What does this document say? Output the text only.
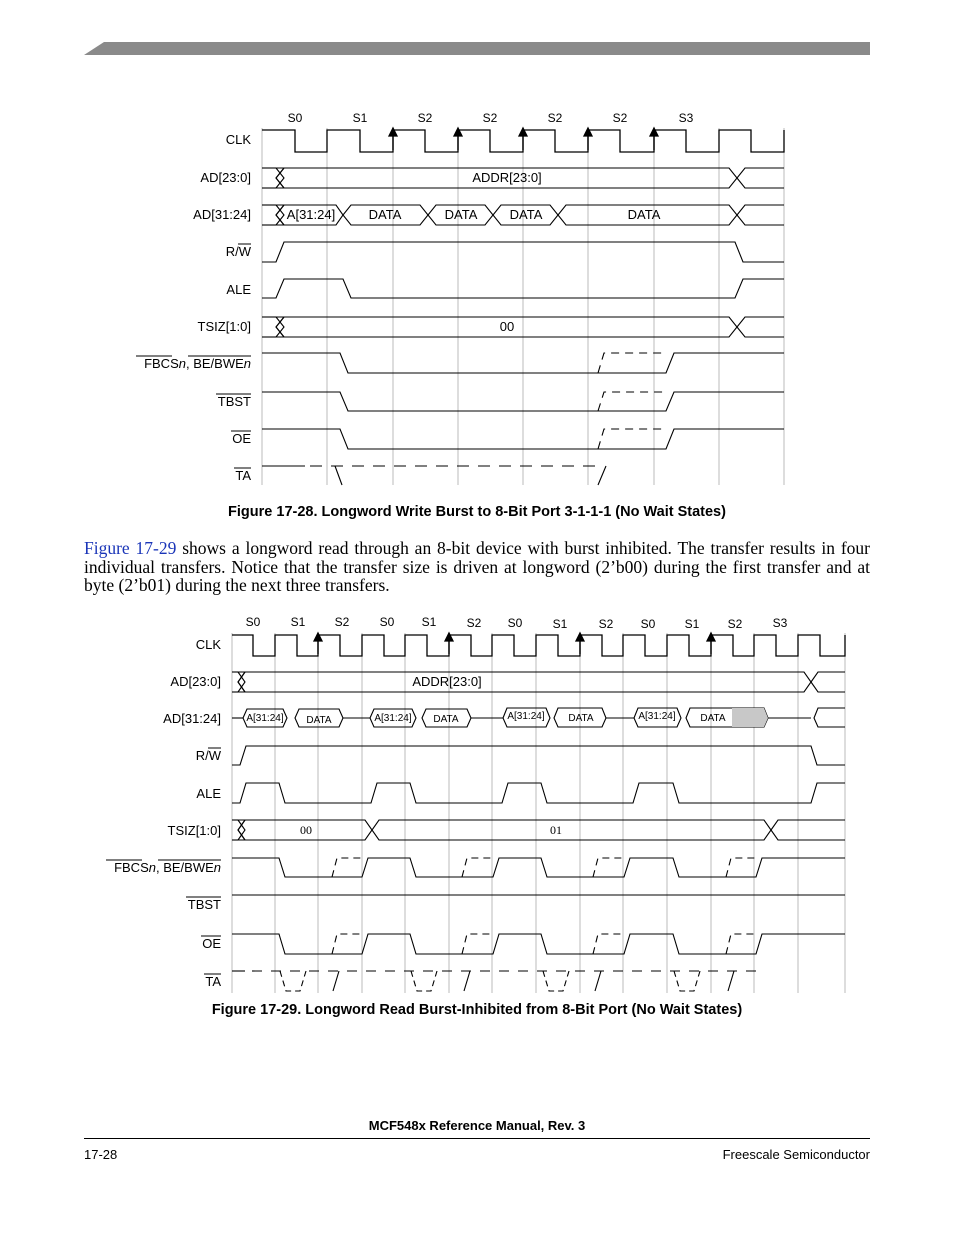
S0	S1	S2	S2	S2	S2	S3
CLK
AD[23:0]
AD[31:24]
R/W
ALE
TSIZ[1:0]
FBCSn, BE/BWEn
TBST
OE
TA
ADDR[23:0]
A[31:24]	DATA	DATA DATA	DATA
00
Figure 17-28. Longword Write Burst to 8-Bit Port 3-1-1-1 (No Wait States)
Figure 17-29 shows a longword read through an 8-bit device with burst inhibited. The transfer results in four individual transfers. Notice that the transfer size is driven at longword (2’b00) during the first transfer and at byte (2’b01) during the next three transfers.
S0	S1 S2	S0 S1	S2 S0	S1	S2 S0 S1 S2	S3
CLK
AD[23:0]
AD[31:24]
R/W
ALE
TSIZ[1:0]
FBCSn, BE/BWEn
TBST
OE
TA
ADDR[23:0]
A[31:24] DATA	A[31:24] DATA	A[31:24] DATA	A[31:24] DATA
00	01
Figure 17-29. Longword Read Burst-Inhibited from 8-Bit Port (No Wait States)
MCF548x Reference Manual, Rev. 3
17-28	Freescale Semiconductor
